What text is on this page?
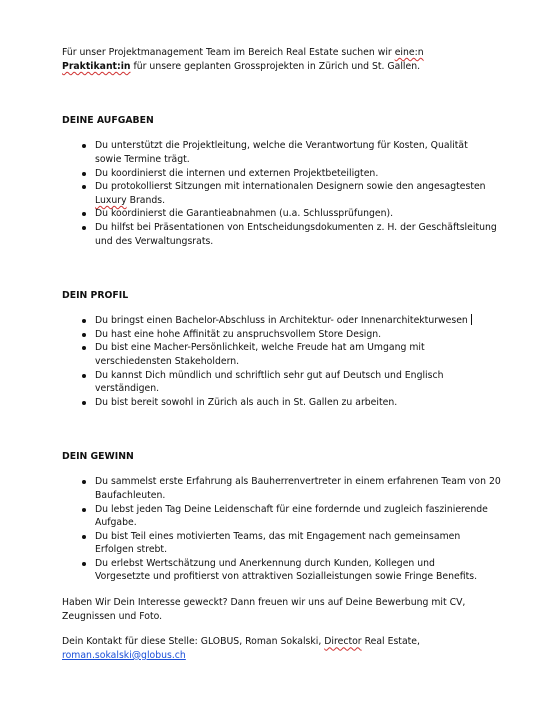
Für unser Projektmanagement Team im Bereich Real Estate suchen wir eine:n

Praktikant:in für unsere geplanten Grossprojekten in Zürich und St. Gallen.

DEINE AUFGABEN

Du unterstützt die Projektleitung, welche die Verantwortung für Kosten, Qualität
sowie Termine trägt.
Du koordinierst die internen und externen Projektbeteiligten.
Du protokollierst Sitzungen mit internationalen Designern sowie den angesagtesten
Luxury Brands.
Du koordinierst die Garantieabnahmen (u.a. Schlussprüfungen).
Du hilfst bei Präsentationen von Entscheidungsdokumenten z. H. der Geschäftsleitung
und des Verwaltungsrats.

DEIN PROFIL

Du bringst einen Bachelor-Abschluss in Architektur- oder Innenarchitekturwesen
Du hast eine hohe Affinität zu anspruchsvollem Store Design.
Du bist eine Macher-Persönlichkeit, welche Freude hat am Umgang mit
verschiedensten Stakeholdern.
Du kannst Dich mündlich und schriftlich sehr gut auf Deutsch und Englisch
verständigen.
Du bist bereit sowohl in Zürich als auch in St. Gallen zu arbeiten.

DEIN GEWINN

Du sammelst erste Erfahrung als Bauherrenvertreter in einem erfahrenen Team von 20
Baufachleuten.
Du lebst jeden Tag Deine Leidenschaft für eine fordernde und zugleich faszinierende
Aufgabe.
Du bist Teil eines motivierten Teams, das mit Engagement nach gemeinsamen
Erfolgen strebt.
Du erlebst Wertschätzung und Anerkennung durch Kunden, Kollegen und
Vorgesetzte und profitierst von attraktiven Sozialleistungen sowie Fringe Benefits.

Haben Wir Dein Interesse geweckt? Dann freuen wir uns auf Deine Bewerbung mit CV,

Zeugnissen und Foto.

Dein Kontakt für diese Stelle: GLOBUS, Roman Sokalski, Director Real Estate,

roman.sokalski@globus.ch
